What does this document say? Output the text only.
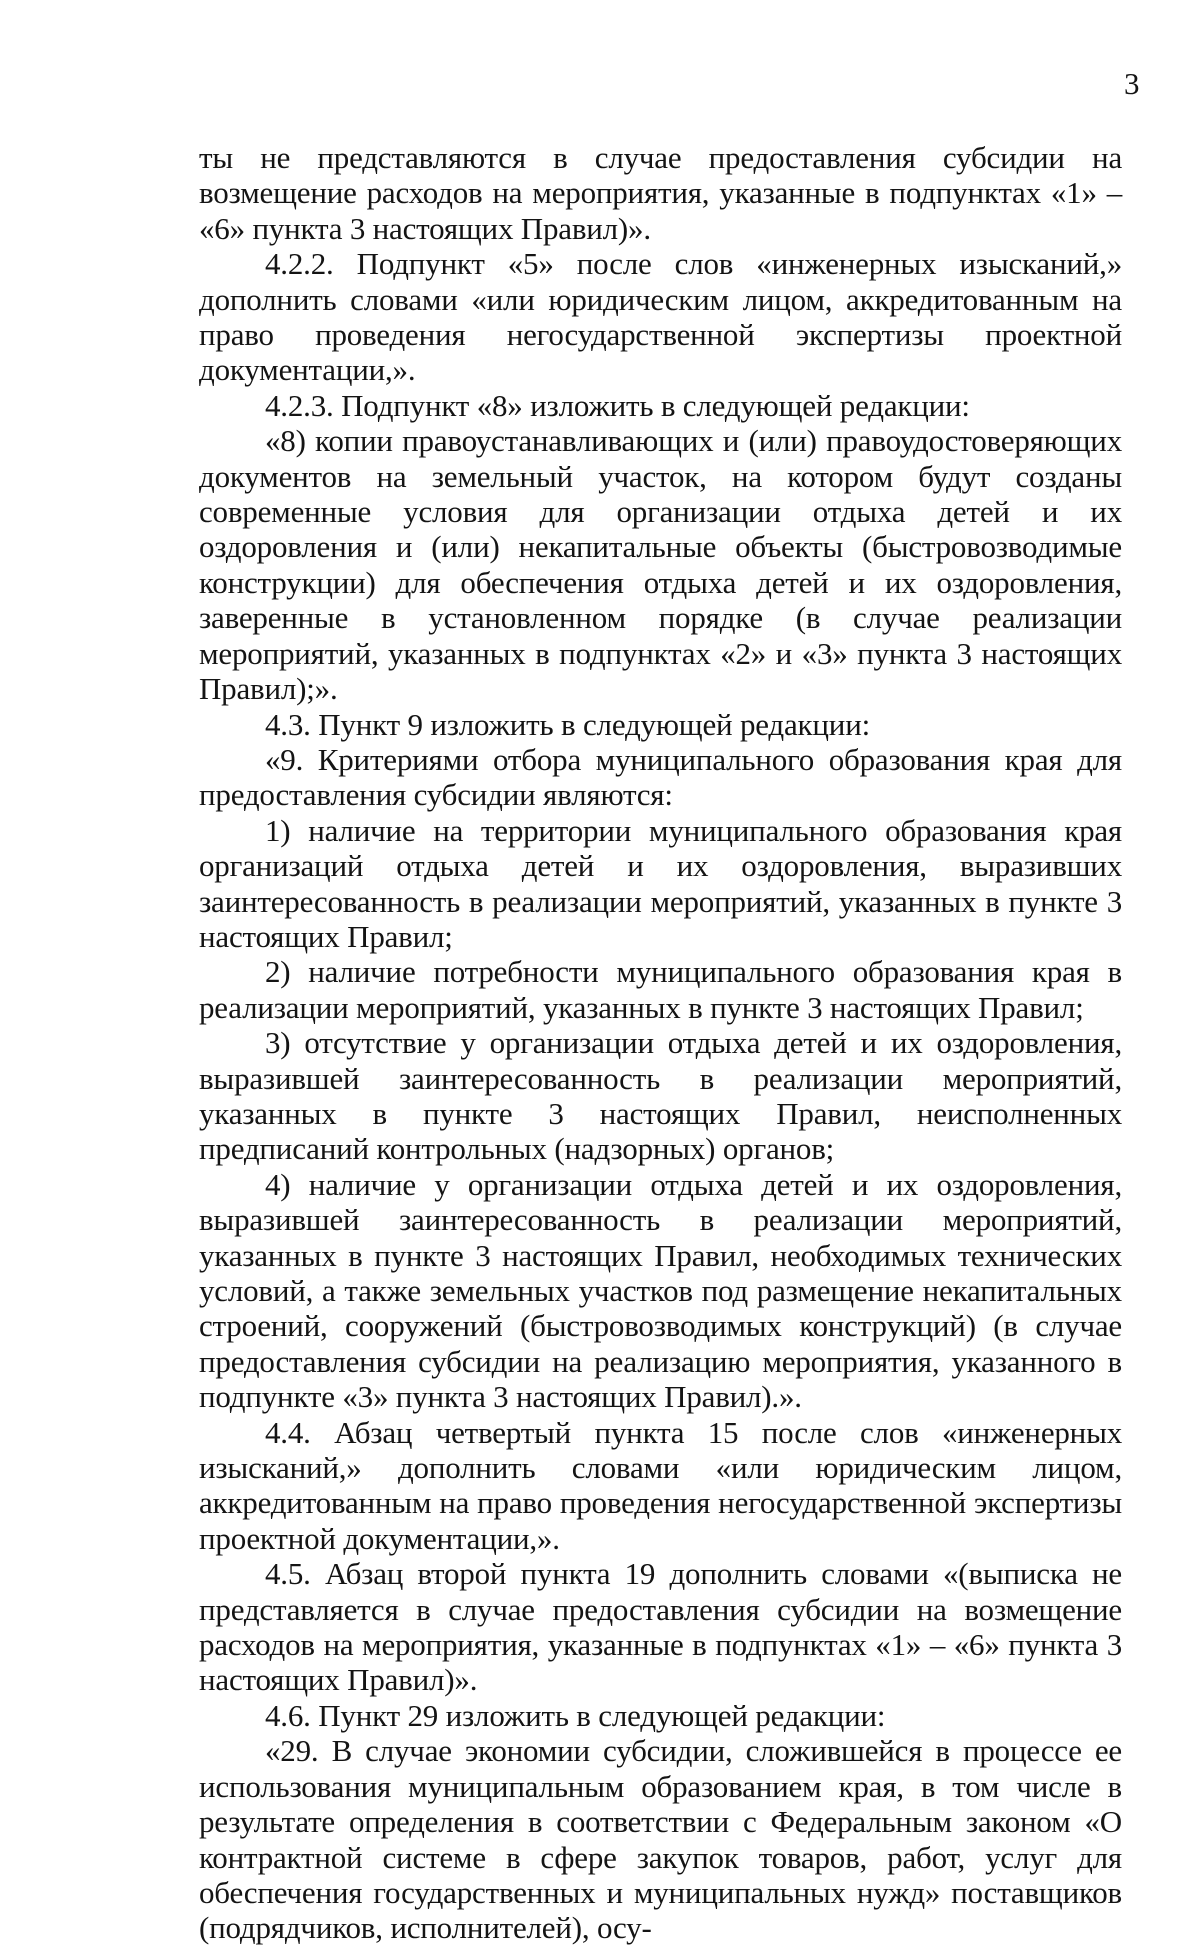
3

ты не представляются в случае предоставления субсидии на возмещение расходов на мероприятия, указанные в подпунктах «1» – «6» пункта 3 настоящих Правил)».

4.2.2. Подпункт «5» после слов «инженерных изысканий,» дополнить словами «или юридическим лицом, аккредитованным на право проведения негосударственной экспертизы проектной документации,».

4.2.3. Подпункт «8» изложить в следующей редакции:

«8) копии правоустанавливающих и (или) правоудостоверяющих документов на земельный участок, на котором будут созданы современные условия для организации отдыха детей и их оздоровления и (или) некапитальные объекты (быстровозводимые конструкции) для обеспечения отдыха детей и их оздоровления, заверенные в установленном порядке (в случае реализации мероприятий, указанных в подпунктах «2» и «3» пункта 3 настоящих Правил);».

4.3. Пункт 9 изложить в следующей редакции:

«9. Критериями отбора муниципального образования края для предоставления субсидии являются:

1) наличие на территории муниципального образования края организаций отдыха детей и их оздоровления, выразивших заинтересованность в реализации мероприятий, указанных в пункте 3 настоящих Правил;

2) наличие потребности муниципального образования края в реализации мероприятий, указанных в пункте 3 настоящих Правил;

3) отсутствие у организации отдыха детей и их оздоровления, выразившей заинтересованность в реализации мероприятий, указанных в пункте 3 настоящих Правил, неисполненных предписаний контрольных (надзорных) органов;

4) наличие у организации отдыха детей и их оздоровления, выразившей заинтересованность в реализации мероприятий, указанных в пункте 3 настоящих Правил, необходимых технических условий, а также земельных участков под размещение некапитальных строений, сооружений (быстровозводимых конструкций) (в случае предоставления субсидии на реализацию мероприятия, указанного в подпункте «3» пункта 3 настоящих Правил).».

4.4. Абзац четвертый пункта 15 после слов «инженерных изысканий,» дополнить словами «или юридическим лицом, аккредитованным на право проведения негосударственной экспертизы проектной документации,».

4.5. Абзац второй пункта 19 дополнить словами «(выписка не представляется в случае предоставления субсидии на возмещение расходов на мероприятия, указанные в подпунктах «1» – «6» пункта 3 настоящих Правил)».

4.6. Пункт 29 изложить в следующей редакции:

«29. В случае экономии субсидии, сложившейся в процессе ее использования муниципальным образованием края, в том числе в результате определения в соответствии с Федеральным законом «О контрактной системе в сфере закупок товаров, работ, услуг для обеспечения государственных и муниципальных нужд» поставщиков (подрядчиков, исполнителей), осу-
